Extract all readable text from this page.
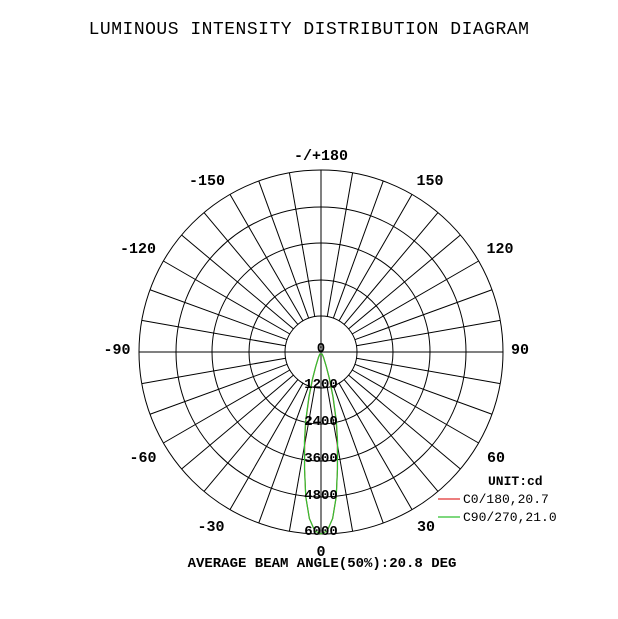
LUMINOUS INTENSITY DISTRIBUTION DIAGRAM
0
1200
2400
3600
4800
6000
0
30
60
90
120
150
-/+180
-150
-120
-90
-60
-30
UNIT:cd
C0/180,20.7
C90/270,21.0
AVERAGE BEAM ANGLE(50%):20.8 DEG
